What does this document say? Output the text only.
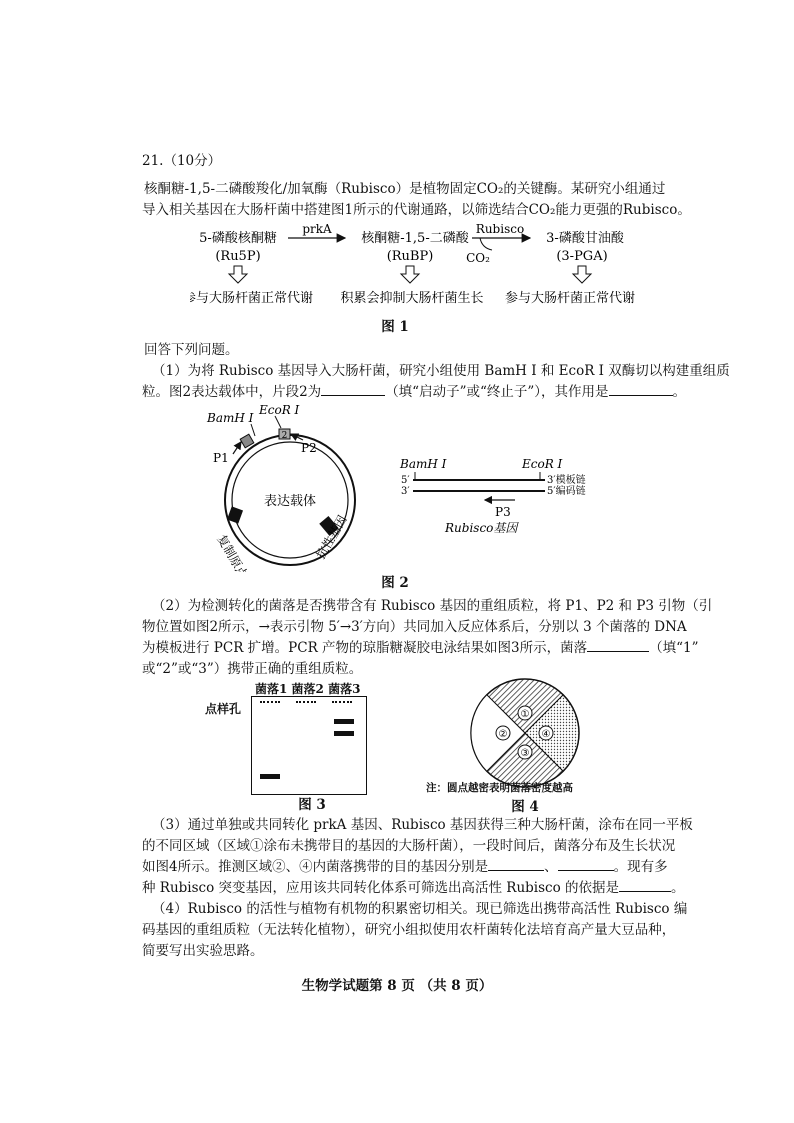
21.（10分）
核酮糖-1,5-二磷酸羧化/加氧酶（Rubisco）是植物固定CO₂的关键酶。某研究小组通过
导入相关基因在大肠杆菌中搭建图1所示的代谢通路，以筛选结合CO₂能力更强的Rubisco。
5-磷酸核酮糖
(Ru5P)
prkA
核酮糖-1,5-二磷酸
(RuBP)
Rubisco
CO₂
3-磷酸甘油酸
(3-PGA)
参与大肠杆菌正常代谢 积累会抑制大肠杆菌生长 参与大肠杆菌正常代谢
图 1
回答下列问题。
（1）为将 Rubisco 基因导入大肠杆菌，研究小组使用 BamH I 和 EcoR I 双酶切以构建重组质
粒。图2表达载体中，片段2为	（填“启动子”或“终止子”），其作用是	。
表达载体
2
复制原点	抗性基因
BamH I
EcoR I
P1
P2
BamH I	EcoR I
5′
3′
3′模板链
5′编码链
P3
Rubisco基因
图 2
（2）为检测转化的菌落是否携带含有 Rubisco 基因的重组质粒，将 P1、P2 和 P3 引物（引
物位置如图2所示，→表示引物 5′→3′方向）共同加入反应体系后，分别以 3 个菌落的 DNA
为模板进行 PCR 扩增。PCR 产物的琼脂糖凝胶电泳结果如图3所示，菌落	（填“1”
或“2”或“3”）携带正确的重组质粒。
菌落1 菌落2 菌落3
点样孔
图 3
①
②
③
④
注：圆点越密表明菌落密度越高
图 4
（3）通过单独或共同转化 prkA 基因、Rubisco 基因获得三种大肠杆菌，涂布在同一平板
的不同区域（区域①涂布未携带目的基因的大肠杆菌），一段时间后，菌落分布及生长状况
如图4所示。推测区域②、④内菌落携带的目的基因分别是	、	。现有多
种 Rubisco 突变基因，应用该共同转化体系可筛选出高活性 Rubisco 的依据是	。
（4）Rubisco 的活性与植物有机物的积累密切相关。现已筛选出携带高活性 Rubisco 编
码基因的重组质粒（无法转化植物），研究小组拟使用农杆菌转化法培育高产量大豆品种，
简要写出实验思路。
生物学试题第 8 页 （共 8 页）
